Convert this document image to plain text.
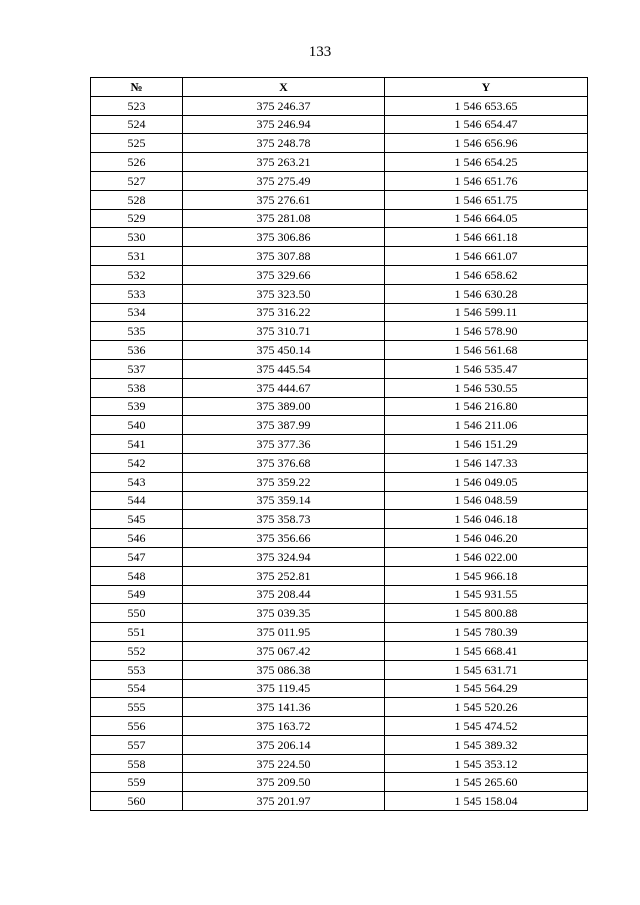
133
№	X	Y
523	375 246.37	1 546 653.65
524	375 246.94	1 546 654.47
525	375 248.78	1 546 656.96
526	375 263.21	1 546 654.25
527	375 275.49	1 546 651.76
528	375 276.61	1 546 651.75
529	375 281.08	1 546 664.05
530	375 306.86	1 546 661.18
531	375 307.88	1 546 661.07
532	375 329.66	1 546 658.62
533	375 323.50	1 546 630.28
534	375 316.22	1 546 599.11
535	375 310.71	1 546 578.90
536	375 450.14	1 546 561.68
537	375 445.54	1 546 535.47
538	375 444.67	1 546 530.55
539	375 389.00	1 546 216.80
540	375 387.99	1 546 211.06
541	375 377.36	1 546 151.29
542	375 376.68	1 546 147.33
543	375 359.22	1 546 049.05
544	375 359.14	1 546 048.59
545	375 358.73	1 546 046.18
546	375 356.66	1 546 046.20
547	375 324.94	1 546 022.00
548	375 252.81	1 545 966.18
549	375 208.44	1 545 931.55
550	375 039.35	1 545 800.88
551	375 011.95	1 545 780.39
552	375 067.42	1 545 668.41
553	375 086.38	1 545 631.71
554	375 119.45	1 545 564.29
555	375 141.36	1 545 520.26
556	375 163.72	1 545 474.52
557	375 206.14	1 545 389.32
558	375 224.50	1 545 353.12
559	375 209.50	1 545 265.60
560	375 201.97	1 545 158.04
